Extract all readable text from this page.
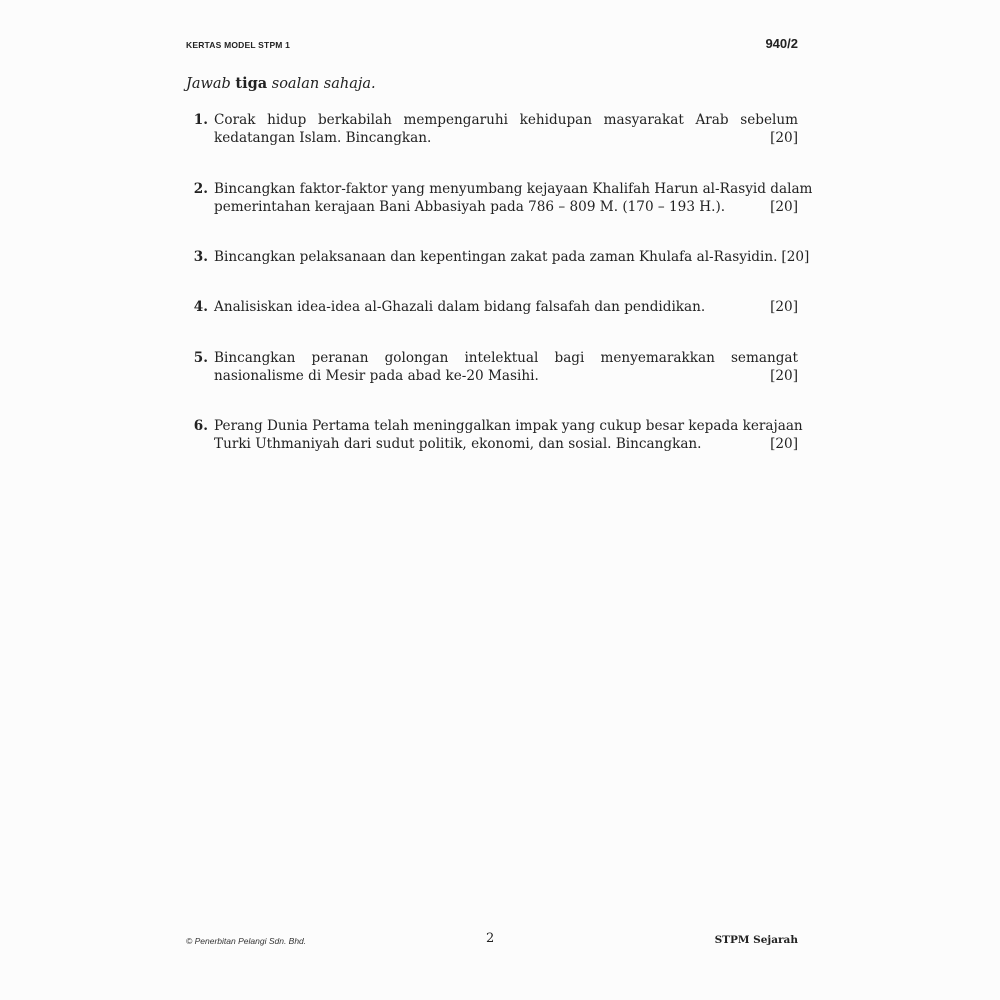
KERTAS MODEL STPM 1	940/2
Jawab tiga soalan sahaja.
1. Corak hidup berkabilah mempengaruhi kehidupan masyarakat Arab sebelum
kedatangan Islam. Bincangkan.	[20]
2. Bincangkan faktor-faktor yang menyumbang kejayaan Khalifah Harun al-Rasyid dalam
pemerintahan kerajaan Bani Abbasiyah pada 786 – 809 M. (170 – 193 H.).	[20]
3. Bincangkan pelaksanaan dan kepentingan zakat pada zaman Khulafa al-Rasyidin. [20]
4. Analisiskan idea-idea al-Ghazali dalam bidang falsafah dan pendidikan.	[20]
5. Bincangkan peranan golongan intelektual bagi menyemarakkan semangat
nasionalisme di Mesir pada abad ke-20 Masihi.	[20]
6. Perang Dunia Pertama telah meninggalkan impak yang cukup besar kepada kerajaan
Turki Uthmaniyah dari sudut politik, ekonomi, dan sosial. Bincangkan.	[20]
© Penerbitan Pelangi Sdn. Bhd.	2	STPM Sejarah
